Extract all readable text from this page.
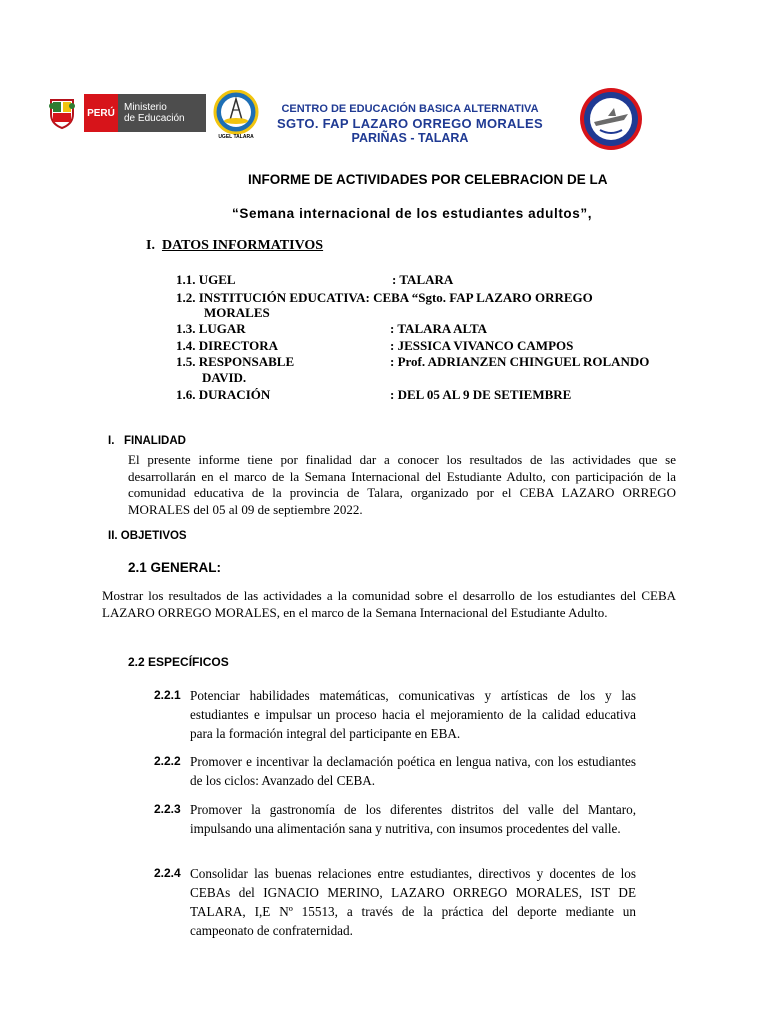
PERÚ Ministerio
de Educación
UGEL TALARA
CENTRO DE EDUCACIÓN BASICA ALTERNATIVA
SGTO. FAP LAZARO ORREGO MORALES
PARIÑAS - TALARA
INFORME DE ACTIVIDADES POR CELEBRACION DE LA
“Semana internacional de los estudiantes adultos”,
I. DATOS INFORMATIVOS
1.1. UGEL	: TALARA
1.2. INSTITUCIÓN EDUCATIVA: CEBA “Sgto. FAP LAZARO ORREGO
MORALES
1.3. LUGAR	: TALARA ALTA
1.4. DIRECTORA	: JESSICA VIVANCO CAMPOS
1.5. RESPONSABLE	: Prof. ADRIANZEN CHINGUEL ROLANDO
DAVID.
1.6. DURACIÓN	: DEL 05 AL 9 DE SETIEMBRE
I.   FINALIDAD
El presente informe tiene por finalidad dar a conocer los resultados de las actividades que se desarrollarán en el marco de la Semana Internacional del Estudiante Adulto, con participación de la comunidad educativa de la provincia de Talara, organizado por el CEBA LAZARO ORREGO MORALES del 05 al 09 de septiembre 2022.
II. OBJETIVOS
2.1 GENERAL:
Mostrar los resultados de las actividades a la comunidad sobre el desarrollo de los estudiantes del CEBA LAZARO ORREGO MORALES, en el marco de la Semana Internacional del Estudiante Adulto.
2.2 ESPECÍFICOS
2.2.1 Potenciar habilidades matemáticas, comunicativas y artísticas de los y las estudiantes e impulsar un proceso hacia el mejoramiento de la calidad educativa para la formación integral del participante en EBA.
2.2.2 Promover e incentivar la declamación poética en lengua nativa, con los estudiantes de los ciclos: Avanzado del CEBA.
2.2.3 Promover la gastronomía de los diferentes distritos del valle del Mantaro, impulsando una alimentación sana y nutritiva, con insumos procedentes del valle.
2.2.4 Consolidar las buenas relaciones entre estudiantes, directivos y docentes de los CEBAs del IGNACIO MERINO, LAZARO ORREGO MORALES, IST DE TALARA, I,E Nº 15513, a través de la práctica del deporte mediante un campeonato de confraternidad.
